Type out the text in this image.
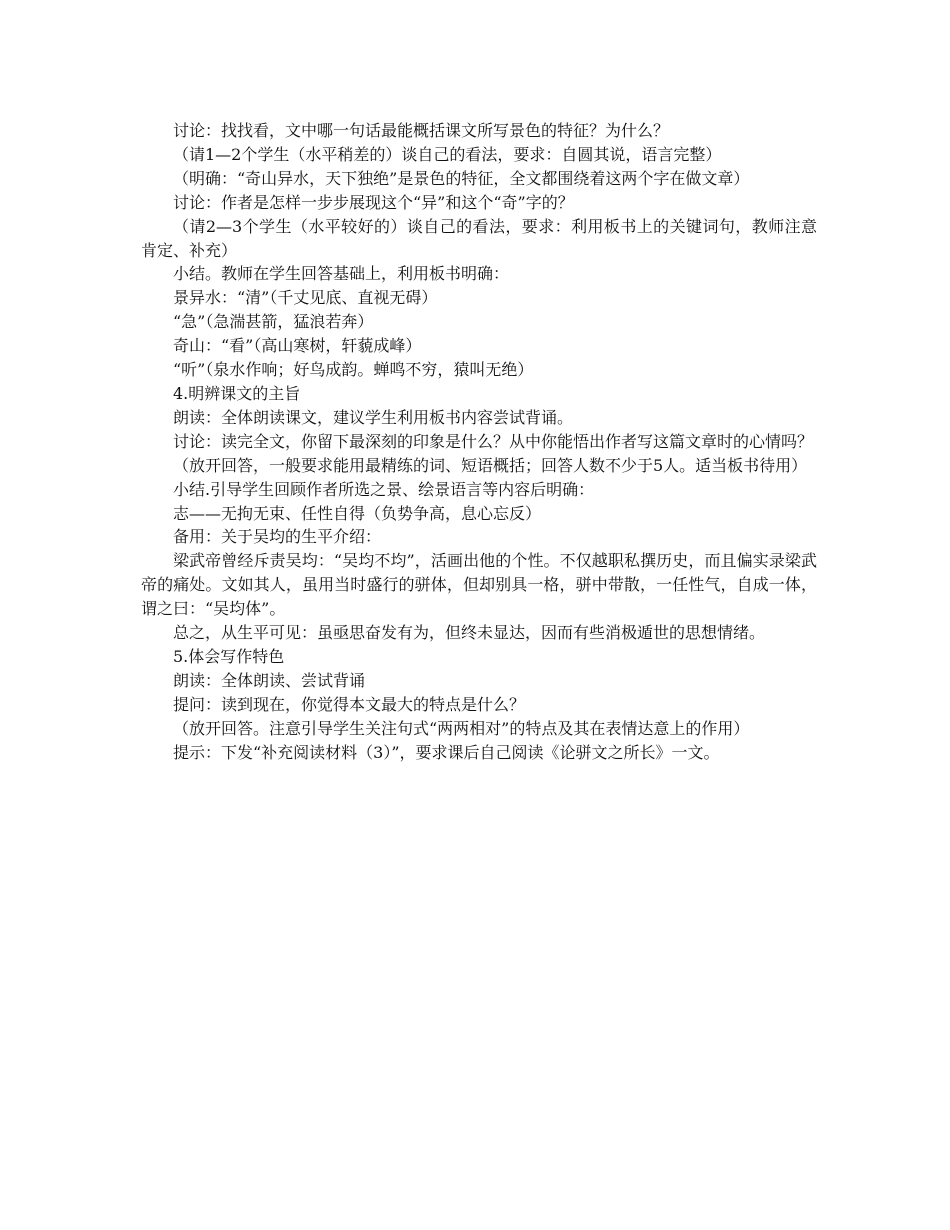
讨论：找找看，文中哪一句话最能概括课文所写景色的特征？为什么？

（请1—2个学生（水平稍差的）谈自己的看法，要求：自圆其说，语言完整）

（明确：“奇山异水，天下独绝”是景色的特征，全文都围绕着这两个字在做文章）

讨论：作者是怎样一步步展现这个“异”和这个“奇”字的？

（请2—3个学生（水平较好的）谈自己的看法，要求：利用板书上的关键词句，教师注意肯定、补充）

小结。教师在学生回答基础上，利用板书明确：

景异水：“清”（千丈见底、直视无碍）

“急”（急湍甚箭，猛浪若奔）

奇山：“看”（高山寒树，轩藐成峰）

“听”（泉水作响；好鸟成韵。蝉鸣不穷，猿叫无绝）

4.明辨课文的主旨

朗读：全体朗读课文，建议学生利用板书内容尝试背诵。

讨论：读完全文，你留下最深刻的印象是什么？从中你能悟出作者写这篇文章时的心情吗？

（放开回答，一般要求能用最精练的词、短语概括；回答人数不少于5人。适当板书待用）

小结.引导学生回顾作者所选之景、绘景语言等内容后明确：

志——无拘无束、任性自得（负势争高，息心忘反）

备用：关于吴均的生平介绍：

梁武帝曾经斥责吴均：“吴均不均”，活画出他的个性。不仅越职私撰历史，而且偏实录梁武帝的痛处。文如其人，虽用当时盛行的骈体，但却别具一格，骈中带散，一任性气，自成一体，谓之曰：“吴均体”。

总之，从生平可见：虽亟思奋发有为，但终未显达，因而有些消极遁世的思想情绪。

5.体会写作特色

朗读：全体朗读、尝试背诵

提问：读到现在，你觉得本文最大的特点是什么？

（放开回答。注意引导学生关注句式“两两相对”的特点及其在表情达意上的作用）

提示：下发“补充阅读材料（3）”，要求课后自己阅读《论骈文之所长》一文。
